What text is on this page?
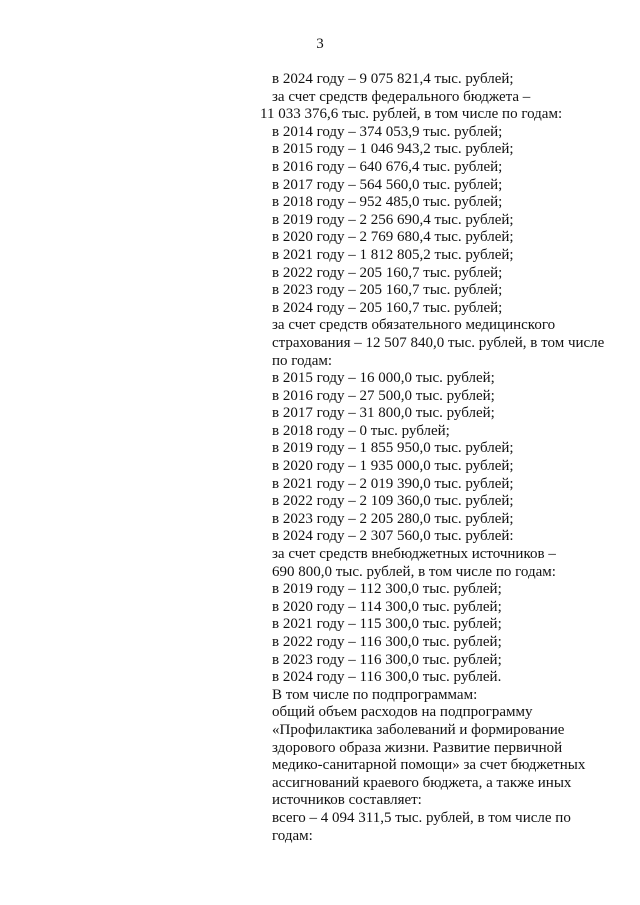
3
в 2024 году – 9 075 821,4 тыс. рублей;
за счет средств федерального бюджета –
11 033 376,6 тыс. рублей, в том числе по годам:
в 2014 году – 374 053,9 тыс. рублей;
в 2015 году – 1 046 943,2 тыс. рублей;
в 2016 году – 640 676,4 тыс. рублей;
в 2017 году – 564 560,0 тыс. рублей;
в 2018 году – 952 485,0 тыс. рублей;
в 2019 году – 2 256 690,4 тыс. рублей;
в 2020 году – 2 769 680,4 тыс. рублей;
в 2021 году – 1 812 805,2 тыс. рублей;
в 2022 году – 205 160,7 тыс. рублей;
в 2023 году – 205 160,7 тыс. рублей;
в 2024 году – 205 160,7 тыс. рублей;
за счет средств обязательного медицинского
страхования – 12 507 840,0 тыс. рублей, в том числе
по годам:
в 2015 году – 16 000,0 тыс. рублей;
в 2016 году – 27 500,0 тыс. рублей;
в 2017 году – 31 800,0 тыс. рублей;
в 2018 году – 0 тыс. рублей;
в 2019 году – 1 855 950,0 тыс. рублей;
в 2020 году – 1 935 000,0 тыс. рублей;
в 2021 году – 2 019 390,0 тыс. рублей;
в 2022 году – 2 109 360,0 тыс. рублей;
в 2023 году – 2 205 280,0 тыс. рублей;
в 2024 году – 2 307 560,0 тыс. рублей:
за счет средств внебюджетных источников –
690 800,0 тыс. рублей, в том числе по годам:
в 2019 году – 112 300,0 тыс. рублей;
в 2020 году – 114 300,0 тыс. рублей;
в 2021 году – 115 300,0 тыс. рублей;
в 2022 году – 116 300,0 тыс. рублей;
в 2023 году – 116 300,0 тыс. рублей;
в 2024 году – 116 300,0 тыс. рублей.
В том числе по подпрограммам:
общий объем расходов на подпрограмму
«Профилактика заболеваний и формирование
здорового образа жизни. Развитие первичной
медико-санитарной помощи» за счет бюджетных
ассигнований краевого бюджета, а также иных
источников составляет:
всего – 4 094 311,5 тыс. рублей, в том числе по
годам:
